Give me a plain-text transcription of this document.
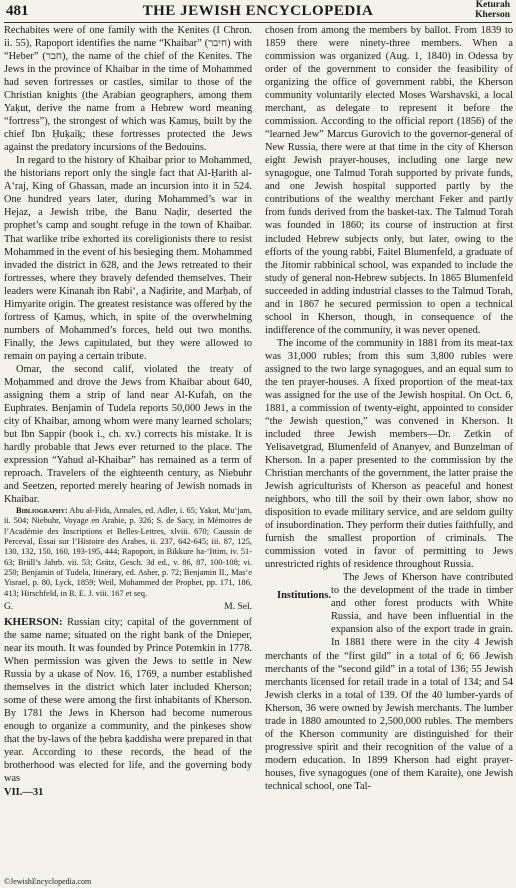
481	THE JEWISH ENCYCLOPEDIA	Keturah
Kherson

Rechabites were of one family with the Kenites (I Chron. ii. 55), Rapoport identifies the name “Khaibar” (חיבר) with “Heber” (חבר), the name of the chief of the Kenites. The Jews in the province of Khaibar in the time of Mohammed had seven fortresses or castles, similar to those of the Christian knights (the Arabian geographers, among them Yaḳut, derive the name from a Hebrew word meaning “fortress”), the strongest of which was Ḳamuṣ, built by the chief Ibn Ḥuḳaiḳ; these fortresses protected the Jews against the predatory incursions of the Bedouins.

In regard to the history of Khaibar prior to Mohammed, the historians report only the single fact that Al-Ḥarith al-A‘raj, King of Ghassan, made an incursion into it in 524. One hundred years later, during Mohammed’s war in Hejaz, a Jewish tribe, the Banu Naḍir, deserted the prophet’s camp and sought refuge in the town of Khaibar. That warlike tribe exhorted its coreligionists there to resist Mohammed in the event of his besieging them. Mohammed invaded the district in 628, and the Jews retreated to their fortresses, where they bravely defended themselves. Their leaders were Kinanah ibn Rabi‘, a Naḍirite, and Marḥab, of Himyarite origin. The greatest resistance was offered by the fortress of Ḳamuṣ, which, in spite of the overwhelming numbers of Mohammed’s forces, held out two months. Finally, the Jews capitulated, but they were allowed to remain on paying a certain tribute.

Omar, the second calif, violated the treaty of Moḥammed and drove the Jews from Khaibar about 640, assigning them a strip of land near Al-Kufah, on the Euphrates. Benjamin of Tudela reports 50,000 Jews in the city of Khaibar, among whom were many learned scholars; but Ibn Sappir (book i., ch. xv.) corrects his mistake. It is hardly probable that Jews ever returned to the place. The expression “Yahud al-Khaibar” has remained as a term of reproach. Travelers of the eighteenth century, as Niebuhr and Seetzen, reported merely hearing of Jewish nomads in Khaibar.

Bibliography: Abu al-Fida, Annales, ed. Adler, i. 65; Yaḳut, Mu‘jam, ii. 504; Niebuhr, Voyage en Arabie, p. 326; S. de Sacy, in Mémoires de l’Académie des Inscriptions et Belles-Lettres, xlviii. 670; Caussin de Perceval, Essai sur l’Histoire des Arabes, ii. 237, 642-645; iii. 87, 125, 130, 132, 150, 160, 193-195, 444; Rapoport, in Bikkure ha-‘Ittim, iv. 51-63; Brüll’s Jahrb. vii. 53; Grätz, Gesch. 3d ed., v. 86, 87, 100-108; vi. 250; Benjamin of Tudela, Itinerary, ed. Asher, p. 72; Benjamin II., Mas‘e Yisrael, p. 80, Lyck, 1859; Weil, Mohammed der Prophet, pp. 171, 186, 413; Hirschfeld, in R. E. J. viii. 167 et seq.

G.	M. Sel.

KHERSON: Russian city; capital of the government of the same name; situated on the right bank of the Dnieper, near its mouth. It was founded by Prince Potemkin in 1778. When permission was given the Jews to settle in New Russia by a ukase of Nov. 16, 1769, a number established themselves in the district which later included Kherson; some of these were among the first inhabitants of Kherson. By 1781 the Jews in Kherson had become numerous enough to organize a community, and the pinḳeses show that the by-laws of the ḥebra ḳaddisha were prepared in that year. According to these records, the head of the brotherhood was elected for life, and the governing body was

VII.—31

chosen from among the members by ballot. From 1839 to 1859 there were ninety-three members. When a commission was organized (Aug. 1, 1840) in Odessa by order of the government to consider the feasibility of organizing the office of government rabbi, the Kherson community voluntarily elected Moses Warshavski, a local merchant, as delegate to represent it before the commission. According to the official report (1856) of the “learned Jew” Marcus Gurovich to the governor-general of New Russia, there were at that time in the city of Kherson eight Jewish prayer-houses, including one large new synagogue, one Talmud Torah supported by private funds, and one Jewish hospital supported partly by the contributions of the wealthy merchant Feker and partly from funds derived from the basket-tax. The Talmud Torah was founded in 1860; its course of instruction at first included Hebrew subjects only, but later, owing to the efforts of the young rabbi, Faitel Blumenfeld, a graduate of the Jitomir rabbinical school, was expanded to include the study of general non-Hebrew subjects. In 1865 Blumenfeld succeeded in adding industrial classes to the Talmud Torah, and in 1867 he secured permission to open a technical school in Kherson, though, in consequence of the indifference of the community, it was never opened.

The income of the community in 1881 from its meat-tax was 31,000 rubles; from this sum 3,800 rubles were assigned to the two large synagogues, and an equal sum to the ten prayer-houses. A fixed proportion of the meat-tax was assigned for the use of the Jewish hospital. On Oct. 6, 1881, a commission of twenty-eight, appointed to consider “the Jewish question,” was convened in Kherson. It included three Jewish members—Dr. Zetkin of Yelisavetgrad, Blumenfeld of Ananyev, and Bunzelman of Kherson. In a paper presented to the commission by the Christian merchants of the government, the latter praise the Jewish agriculturists of Kherson as peaceful and honest neighbors, who till the soil by their own labor, show no disposition to evade military service, and are seldom guilty of insubordination. They perform their duties faithfully, and furnish the smallest proportion of criminals. The commission voted in favor of permitting to Jews unrestricted rights of residence throughout Russia.

Institutions.
The Jews of Kherson have contributed to the development of the trade in timber and other forest products with White Russia, and have been influential in the expansion also of the export trade in grain. In 1881 there were in the city 4 Jewish merchants of the “first gild” in a total of 6; 66 Jewish merchants of the “second gild” in a total of 136; 55 Jewish merchants licensed for retail trade in a total of 134; and 54 Jewish clerks in a total of 139. Of the 40 lumber-yards of Kherson, 36 were owned by Jewish merchants. The lumber trade in 1880 amounted to 2,500,000 rubles. The members of the Kherson community are distinguished for their progressive spirit and their recognition of the value of a modern education. In 1899 Kherson had eight prayer-houses, five synagogues (one of them Karaite), one Jewish technical school, one Tal-

©JewishEncyclopedia.com
